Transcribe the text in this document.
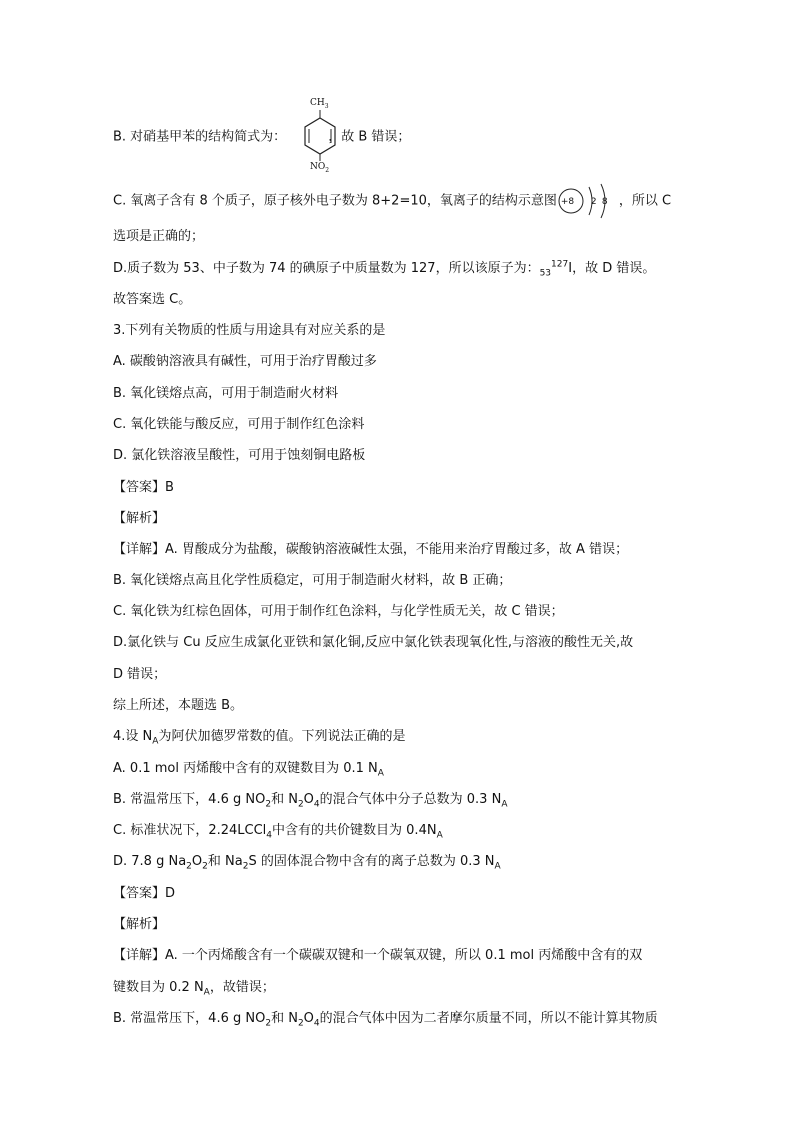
B. 对硝基甲苯的结构简式为：	，故 B 错误；
$CH_3$
$NO_2$
C. 氧离子含有 8 个质子，原子核外电子数为 8+2=10，氧离子的结构示意图 +8 2 8 ，所以 C
选项是正确的；
D.质子数为 53、中子数为 74 的碘原子中质量数为 127，所以该原子为：$_{53}^{127}$I，故 D 错误。
故答案选 C。
3.下列有关物质的性质与用途具有对应关系的是
A. 碳酸钠溶液具有碱性，可用于治疗胃酸过多
B. 氧化镁熔点高，可用于制造耐火材料
C. 氧化铁能与酸反应，可用于制作红色涂料
D. 氯化铁溶液呈酸性，可用于蚀刻铜电路板
【答案】B
【解析】
【详解】A. 胃酸成分为盐酸，碳酸钠溶液碱性太强，不能用来治疗胃酸过多，故 A 错误；
B. 氧化镁熔点高且化学性质稳定，可用于制造耐火材料，故 B 正确；
C. 氧化铁为红棕色固体，可用于制作红色涂料，与化学性质无关，故 C 错误；
D.氯化铁与 Cu 反应生成氯化亚铁和氯化铜,反应中氯化铁表现氧化性,与溶液的酸性无关,故
D 错误；
综上所述，本题选 B。
4.设 $N_A$为阿伏加德罗常数的值。下列说法正确的是
A. 0.1 mol 丙烯酸中含有的双键数目为 0.1 $N_A$
B. 常温常压下，4.6 g $NO_2$和 $N_2O_4$的混合气体中分子总数为 0.3 $N_A$
C. 标准状况下，2.24LCCl$_4$中含有的共价键数目为 $0.4N_A$
D. 7.8 g $Na_2O_2$和 $Na_2S$ 的固体混合物中含有的离子总数为 0.3 $N_A$
【答案】D
【解析】
【详解】A. 一个丙烯酸含有一个碳碳双键和一个碳氧双键，所以 0.1 mol 丙烯酸中含有的双
键数目为 0.2 $N_A$，故错误；
B. 常温常压下，4.6 g $NO_2$和 $N_2O_4$的混合气体中因为二者摩尔质量不同，所以不能计算其物质
